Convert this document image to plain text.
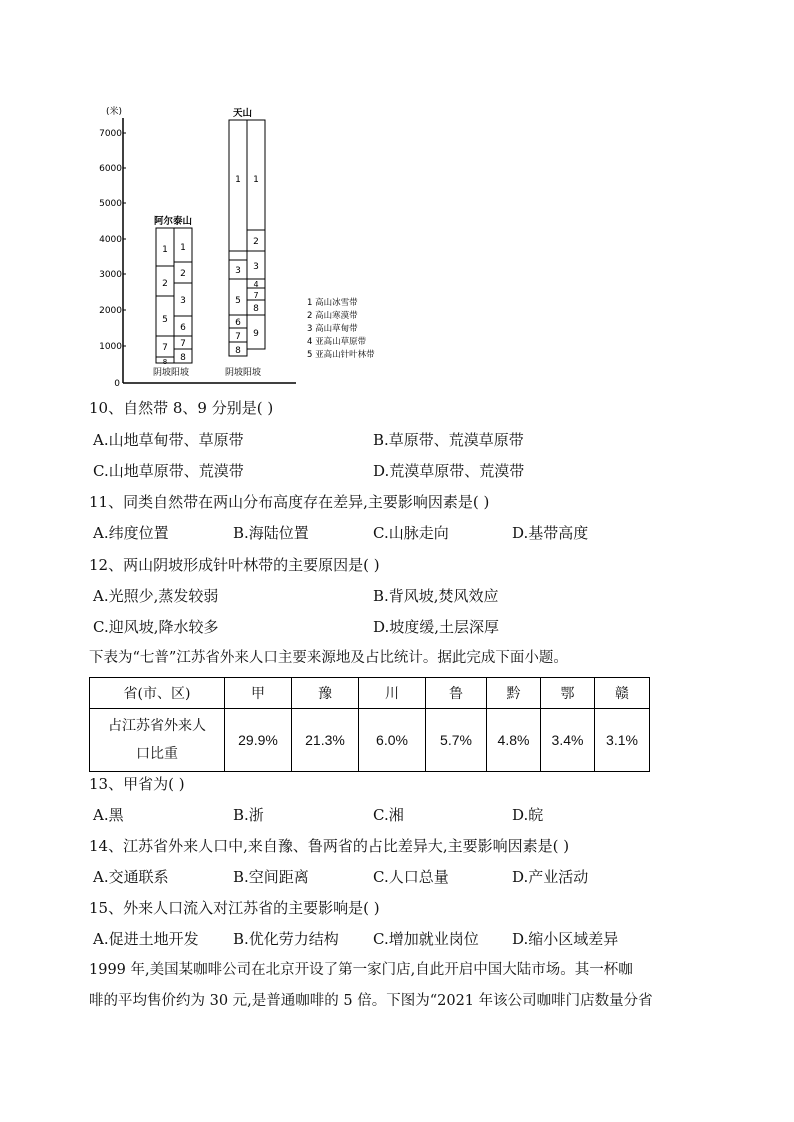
(米)
7000
6000
5000
4000
3000
2000
1000
0
阿尔泰山
1
2
5
7
8
1
2
3
6
7
8
阴坡阳坡
天山
1
3
5
6
7
8
1
2
3
4
7
8
9
阴坡阳坡
1 高山冰雪带
2 高山寒漠带
3 高山草甸带
4 亚高山草原带
5 亚高山针叶林带
10、自然带 8、9 分别是( )
A.山地草甸带、草原带	B.草原带、荒漠草原带
C.山地草原带、荒漠带	D.荒漠草原带、荒漠带
11、同类自然带在两山分布高度存在差异,主要影响因素是( )
A.纬度位置	B.海陆位置	C.山脉走向	D.基带高度
12、两山阴坡形成针叶林带的主要原因是( )
A.光照少,蒸发较弱	B.背风坡,焚风效应
C.迎风坡,降水较多	D.坡度缓,土层深厚
下表为“七普”江苏省外来人口主要来源地及占比统计。据此完成下面小题。
省(市、区)	甲	豫	川	鲁	黔	鄂	赣

占江苏省外来人
口比重	29.9%	21.3%	6.0%	5.7%	4.8%	3.4%	3.1%
13、甲省为( )
A.黑	B.浙	C.湘	D.皖
14、江苏省外来人口中,来自豫、鲁两省的占比差异大,主要影响因素是( )
A.交通联系	B.空间距离	C.人口总量	D.产业活动
15、外来人口流入对江苏省的主要影响是( )
A.促进土地开发 B.优化劳力结构 C.增加就业岗位 D.缩小区域差异
1999 年,美国某咖啡公司在北京开设了第一家门店,自此开启中国大陆市场。其一杯咖
啡的平均售价约为 30 元,是普通咖啡的 5 倍。下图为“2021 年该公司咖啡门店数量分省
